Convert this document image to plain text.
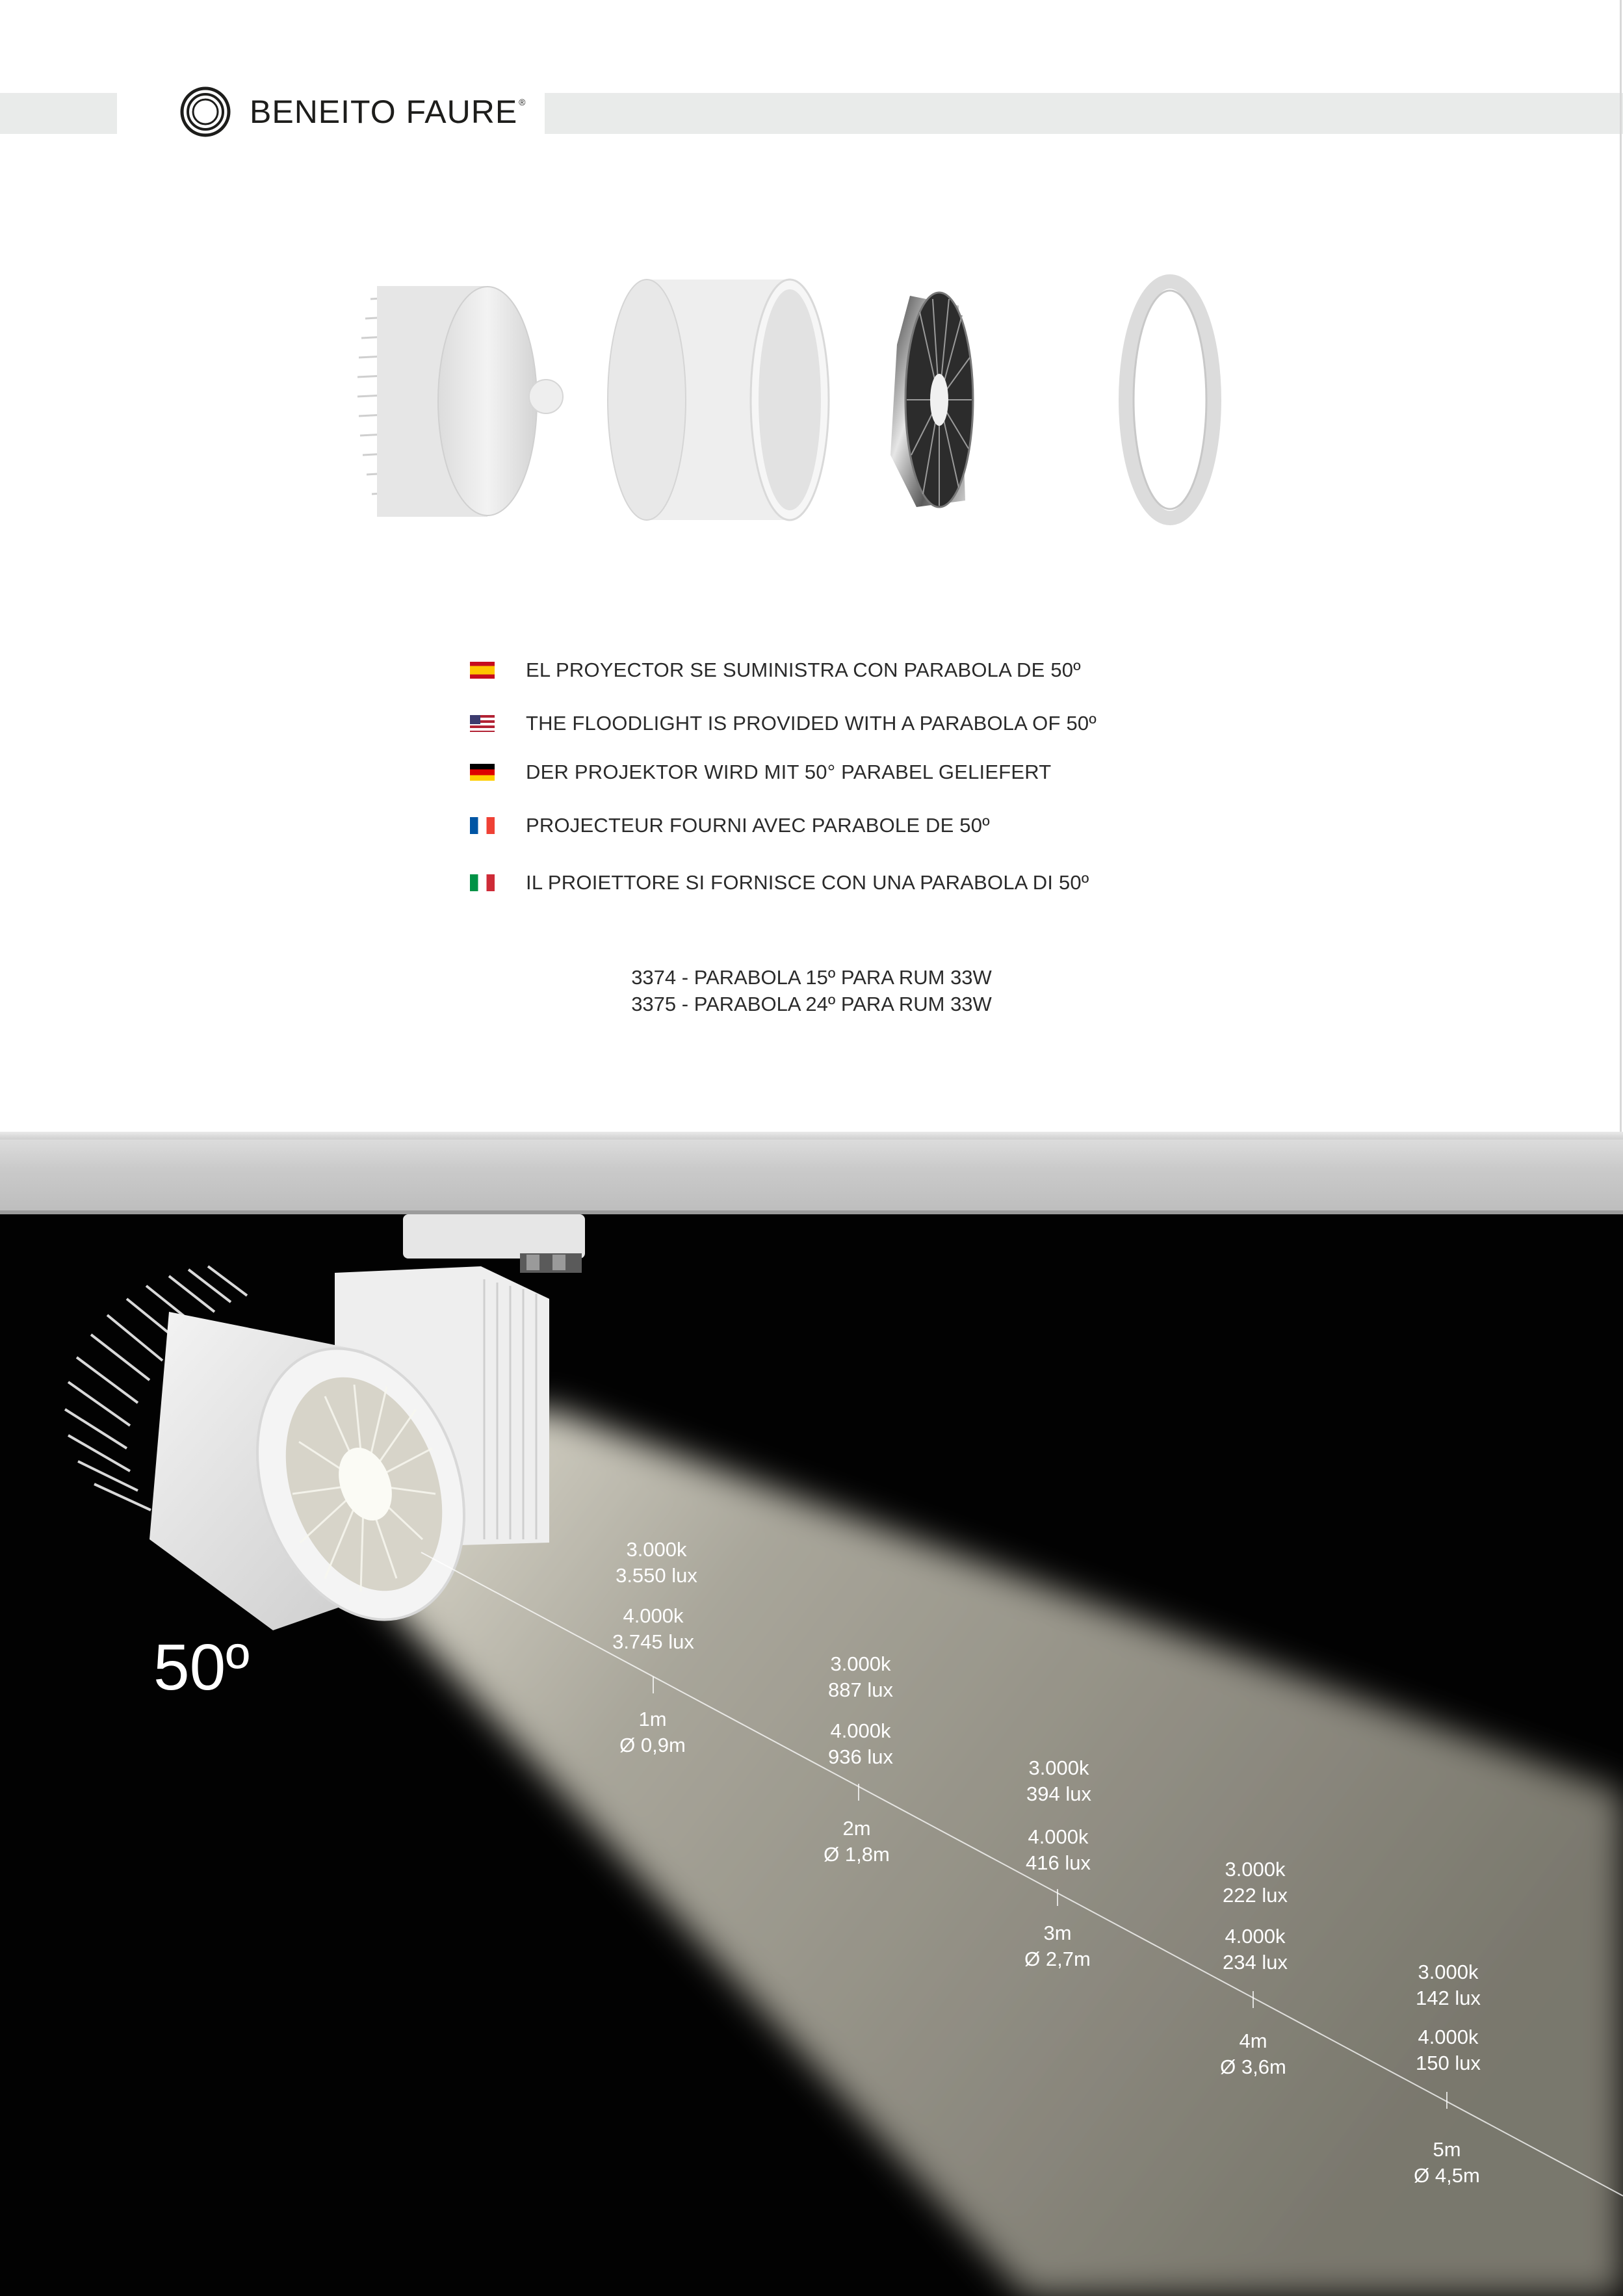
BENEITO FAURE ®
EL PROYECTOR SE SUMINISTRA CON PARABOLA DE 50º
THE FLOODLIGHT IS PROVIDED WITH A PARABOLA OF 50º
DER PROJEKTOR WIRD MIT 50° PARABEL GELIEFERT
PROJECTEUR FOURNI AVEC PARABOLE DE 50º
IL PROIETTORE SI FORNISCE CON UNA PARABOLA DI 50º
3374 - PARABOLA 15º PARA RUM 33W
3375 - PARABOLA 24º PARA RUM 33W
50º
3.000k
3.550 lux
4.000k
3.745 lux
1m
Ø 0,9m
3.000k
887 lux
4.000k
936 lux
2m
Ø 1,8m
3.000k
394 lux
4.000k
416 lux
3m
Ø 2,7m
3.000k
222 lux
4.000k
234 lux
4m
Ø 3,6m
3.000k
142 lux
4.000k
150 lux
5m
Ø 4,5m
